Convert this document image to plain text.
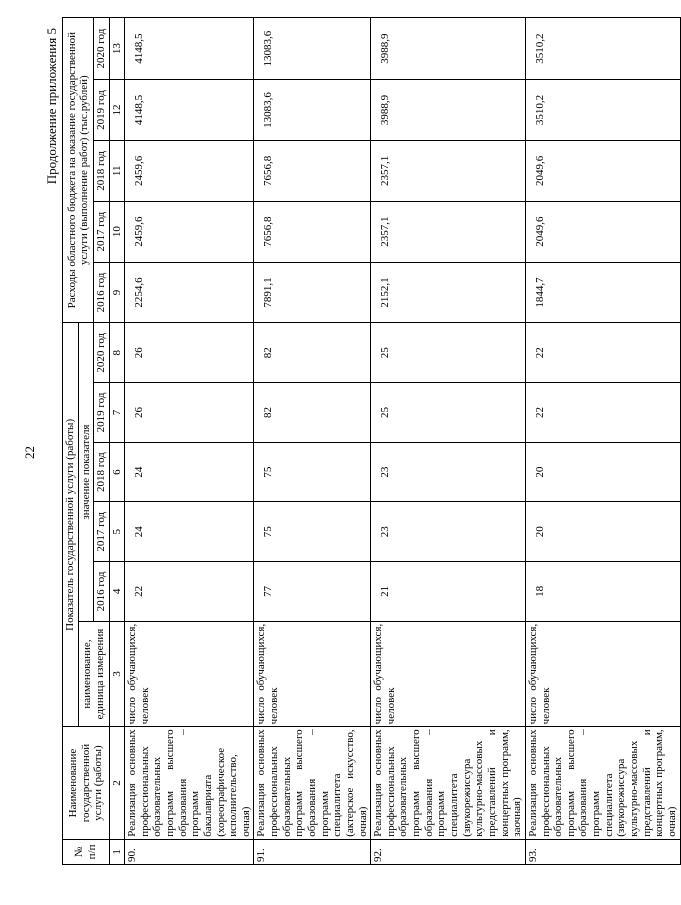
22
Продолжение приложения 5
№ п/п	Наименование государственной услуги (работы)	Показатель государственной услуги (работы)						Расходы областного бюджета на оказание государственной услуги (выполнение работ) (тыс.рублей)				
		наименование, единица измерения	значение показателя									
			2016 год	2017 год	2018 год	2019 год	2020 год	2016 год	2017 год	2018 год	2019 год	2020 год
1	2	3	4	5	6	7	8	9	10	11	12	13
90.	Реализация основных профессиональных образовательных программ высшего образования – программ бакалавриата (хореографическое исполнительство, очная)	число обучающихся, человек	22	24	24	26	26	2254,6	2459,6	2459,6	4148,5	4148,5
91.	Реализация основных профессиональных образовательных программ высшего образования – программ специалитета (актерское искусство, очная)	число обучающихся, человек	77	75	75	82	82	7891,1	7656,8	7656,8	13083,6	13083,6
92.	Реализация основных профессиональных образовательных программ высшего образования – программ специалитета (звукорежиссура культурно-массовых представлений и концертных программ, заочная)	число обучающихся, человек	21	23	23	25	25	2152,1	2357,1	2357,1	3988,9	3988,9
93.	Реализация основных профессиональных образовательных программ высшего образования – программ специалитета (звукорежиссура культурно-массовых представлений и концертных программ, очная)	число обучающихся, человек	18	20	20	22	22	1844,7	2049,6	2049,6	3510,2	3510,2
